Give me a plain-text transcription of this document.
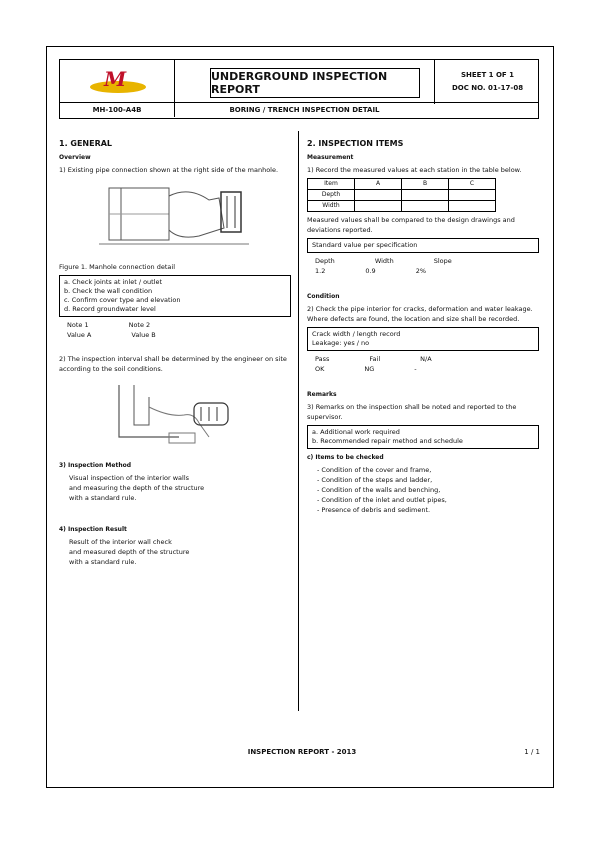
M	UNDERGROUND INSPECTION REPORT
SHEET 1 OF 1
DOC NO. 01-17-08
MH-100-A4B	BORING / TRENCH INSPECTION DETAIL
1. GENERAL
Overview
1) Existing pipe connection shown at the right side of the manhole.
Figure 1. Manhole connection detail
a. Check joints at inlet / outlet
b. Check the wall condition
c. Confirm cover type and elevation
d. Record groundwater level
Note 1	Note 2
Value A	Value B
2) The inspection interval shall be determined by the engineer on site according to the soil conditions.
3) Inspection Method
Visual inspection of the interior walls
and measuring the depth of the structure
with a standard rule.
4) Inspection Result
Result of the interior wall check
and measured depth of the structure
with a standard rule.
2. INSPECTION ITEMS
Measurement
1) Record the measured values at each station in the table below.
Item	A	B	C
Depth			
Width			
Measured values shall be compared to the design drawings and deviations reported.
Standard value per specification
Depth	Width	Slope
1.2	0.9	2%
Condition
2) Check the pipe interior for cracks, deformation and water leakage. Where defects are found, the location and size shall be recorded.
Crack width / length record
Leakage: yes / no
Pass	Fail	N/A
OK	NG	-
Remarks
3) Remarks on the inspection shall be noted and reported to the supervisor.
a. Additional work required
b. Recommended repair method and schedule
c) Items to be checked
- Condition of the cover and frame,
- Condition of the steps and ladder,
- Condition of the walls and benching,
- Condition of the inlet and outlet pipes,
- Presence of debris and sediment.
INSPECTION REPORT - 2013	1 / 1
